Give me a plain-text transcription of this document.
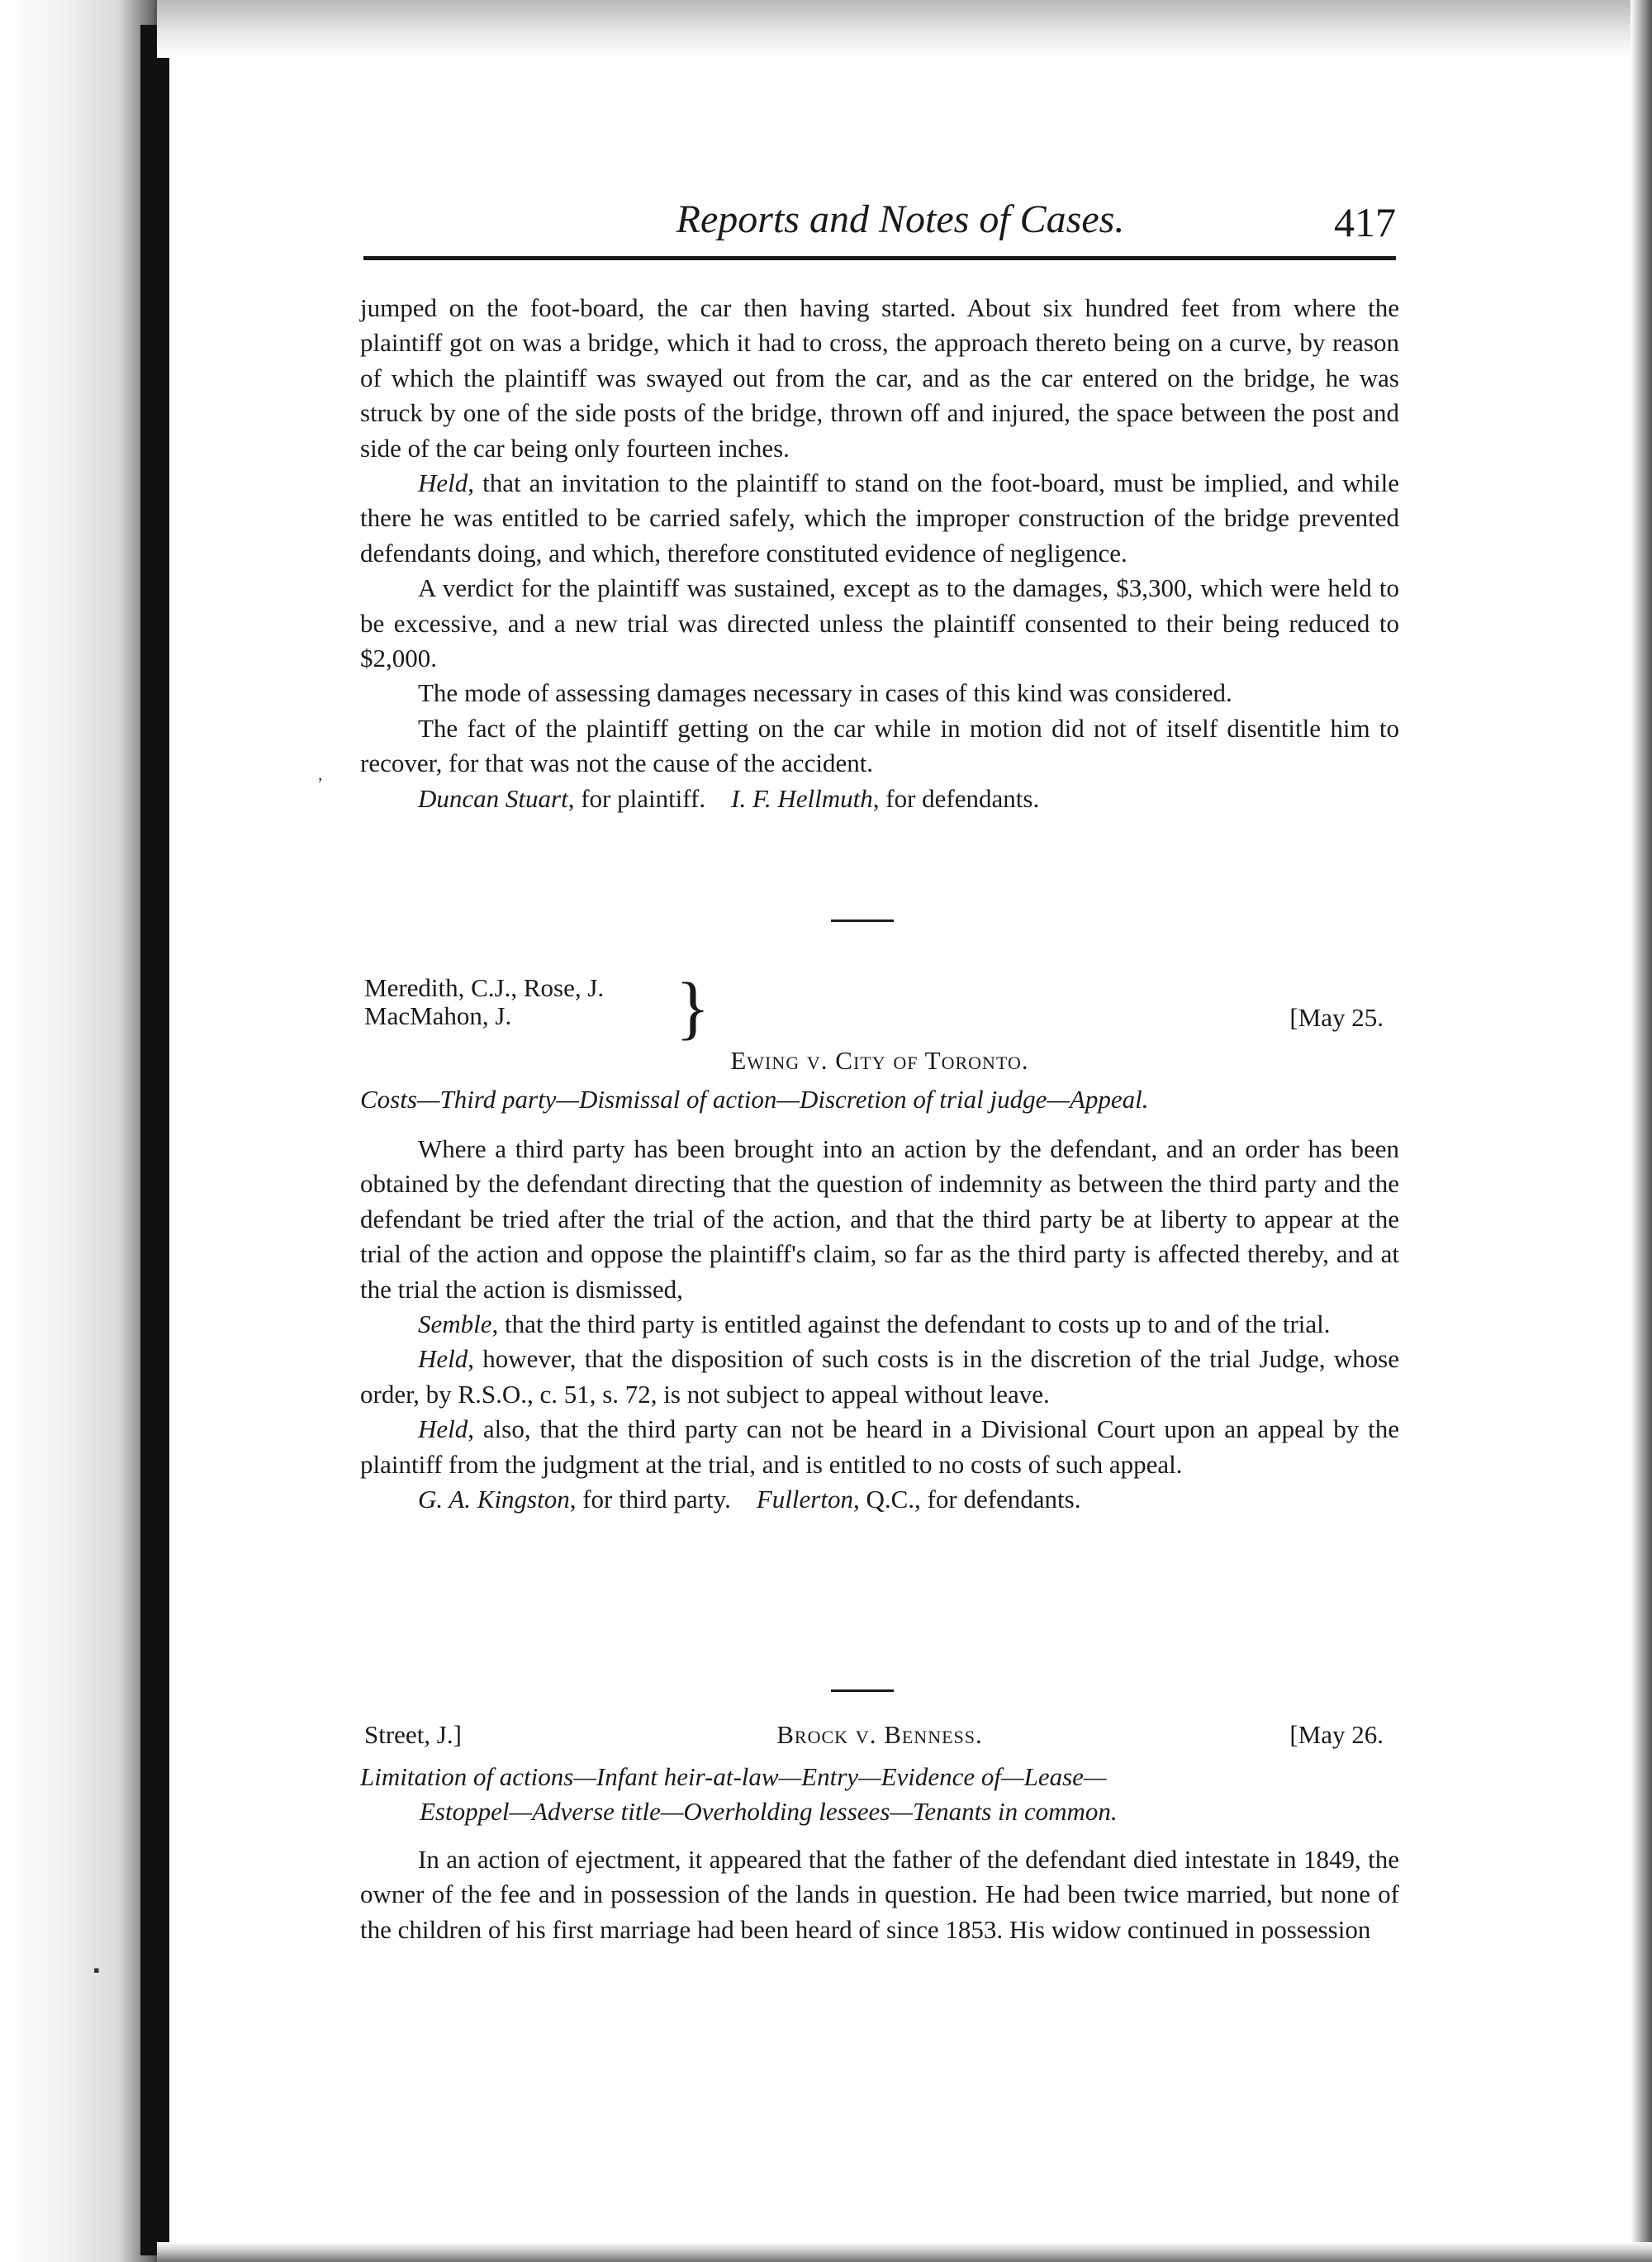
Reports and Notes of Cases.	417

jumped on the foot-board, the car then having started. About six hundred feet from where the plaintiff got on was a bridge, which it had to cross, the approach thereto being on a curve, by reason of which the plaintiff was swayed out from the car, and as the car entered on the bridge, he was struck by one of the side posts of the bridge, thrown off and injured, the space between the post and side of the car being only fourteen inches.

Held, that an invitation to the plaintiff to stand on the foot-board, must be implied, and while there he was entitled to be carried safely, which the improper construction of the bridge prevented defendants doing, and which, therefore constituted evidence of negligence.

A verdict for the plaintiff was sustained, except as to the damages, $3,300, which were held to be excessive, and a new trial was directed unless the plaintiff consented to their being reduced to $2,000.

The mode of assessing damages necessary in cases of this kind was considered.

The fact of the plaintiff getting on the car while in motion did not of itself disentitle him to recover, for that was not the cause of the accident.

Duncan Stuart, for plaintiff. I. F. Hellmuth, for defendants.

Meredith, C.J., Rose, J.
MacMahon, J. }	[May 25.
Ewing v. City of Toronto.
Costs—Third party—Dismissal of action—Discretion of trial judge—Appeal.

Where a third party has been brought into an action by the defendant, and an order has been obtained by the defendant directing that the question of indemnity as between the third party and the defendant be tried after the trial of the action, and that the third party be at liberty to appear at the trial of the action and oppose the plaintiff's claim, so far as the third party is affected thereby, and at the trial the action is dismissed,

Semble, that the third party is entitled against the defendant to costs up to and of the trial.

Held, however, that the disposition of such costs is in the discretion of the trial Judge, whose order, by R.S.O., c. 51, s. 72, is not subject to appeal without leave.

Held, also, that the third party can not be heard in a Divisional Court upon an appeal by the plaintiff from the judgment at the trial, and is entitled to no costs of such appeal.

G. A. Kingston, for third party. Fullerton, Q.C., for defendants.

Street, J.]	Brock v. Benness.	[May 26.
Limitation of actions—Infant heir-at-law—Entry—Evidence of—Lease—
Estoppel—Adverse title—Overholding lessees—Tenants in common.

In an action of ejectment, it appeared that the father of the defendant died intestate in 1849, the owner of the fee and in possession of the lands in question. He had been twice married, but none of the children of his first marriage had been heard of since 1853. His widow continued in possession

,
▪
